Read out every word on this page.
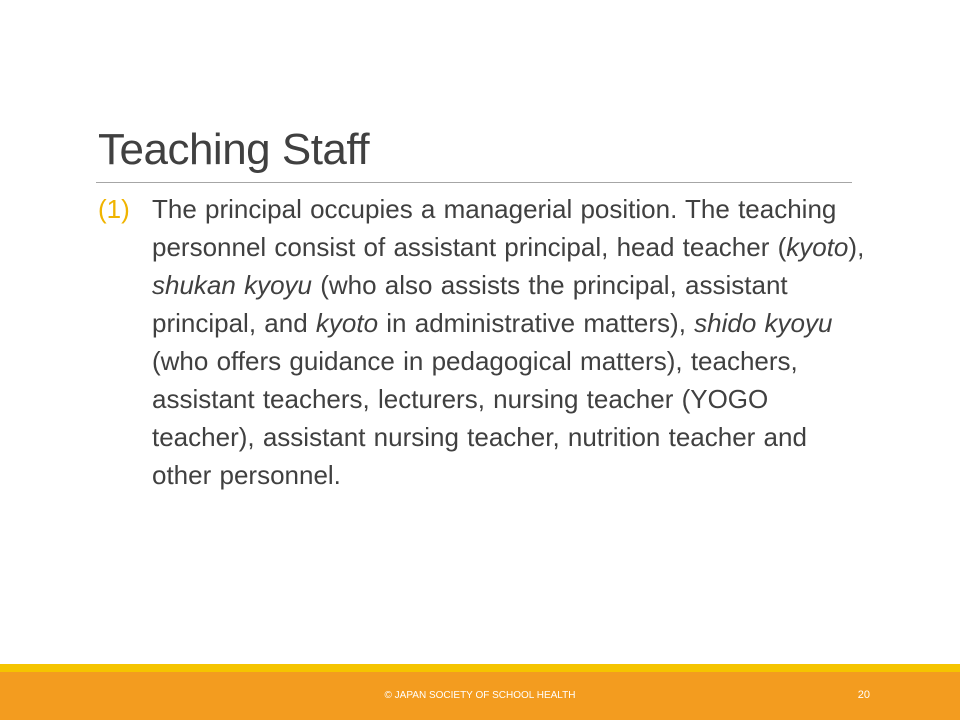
Teaching Staff
(1) The principal occupies a managerial position. The teaching personnel consist of assistant principal, head teacher (kyoto), shukan kyoyu (who also assists the principal, assistant principal, and kyoto in administrative matters), shido kyoyu (who offers guidance in pedagogical matters), teachers, assistant teachers, lecturers, nursing teacher (YOGO teacher), assistant nursing teacher, nutrition teacher and other personnel.
© JAPAN SOCIETY OF SCHOOL HEALTH	20
